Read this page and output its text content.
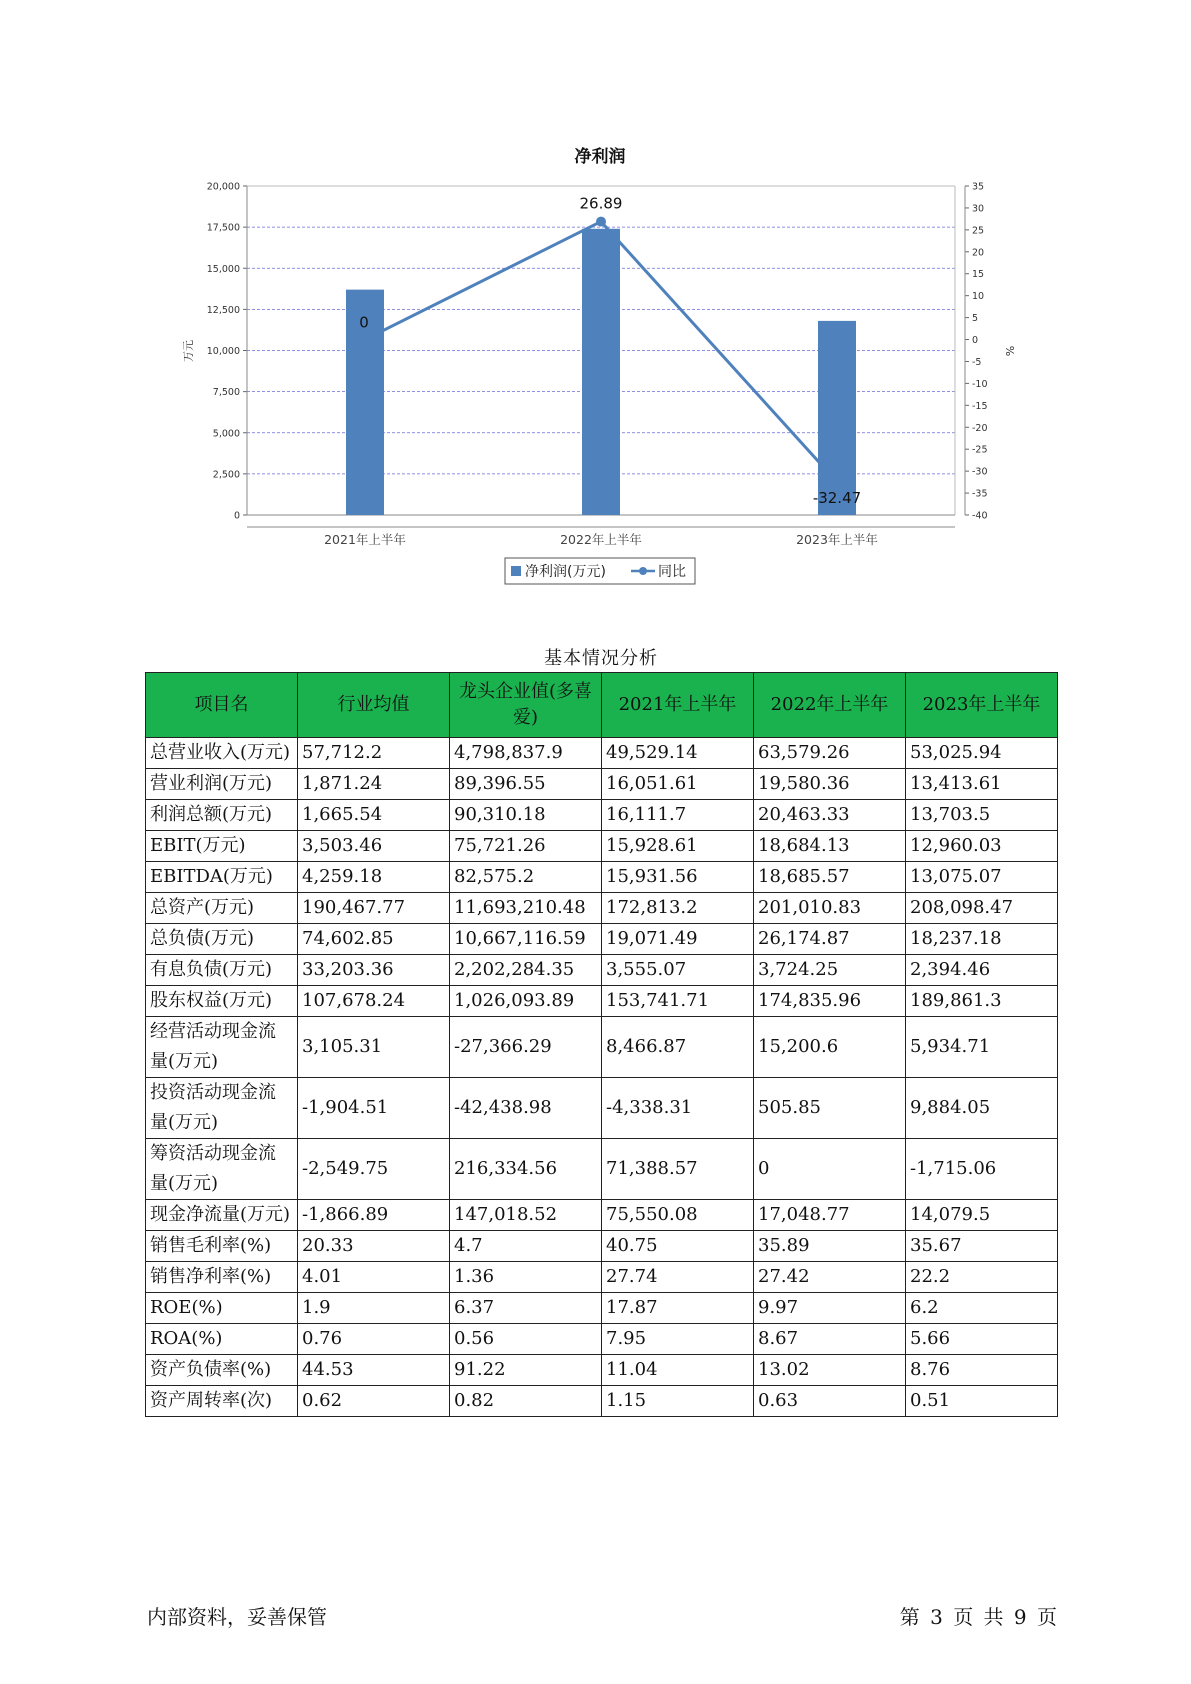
净利润
0
2,500
5,000
7,500
10,000
12,500
15,000
17,500
20,000
-40
-35
-30
-25
-20
-15
-10
-5
0
5
10
15
20
25
30
35
万元	%
2021年上半年	2022年上半年	2023年上半年
0
26.89
-32.47
净利润(万元)	同比
基本情况分析
项目名	行业均值	龙头企业值(多喜爱)	2021年上半年	2022年上半年	2023年上半年
总营业收入(万元)	57,712.2	4,798,837.9	49,529.14	63,579.26	53,025.94
营业利润(万元)	1,871.24	89,396.55	16,051.61	19,580.36	13,413.61
利润总额(万元)	1,665.54	90,310.18	16,111.7	20,463.33	13,703.5
EBIT(万元)	3,503.46	75,721.26	15,928.61	18,684.13	12,960.03
EBITDA(万元)	4,259.18	82,575.2	15,931.56	18,685.57	13,075.07
总资产(万元)	190,467.77	11,693,210.48	172,813.2	201,010.83	208,098.47
总负债(万元)	74,602.85	10,667,116.59	19,071.49	26,174.87	18,237.18
有息负债(万元)	33,203.36	2,202,284.35	3,555.07	3,724.25	2,394.46
股东权益(万元)	107,678.24	1,026,093.89	153,741.71	174,835.96	189,861.3
经营活动现金流量(万元)	3,105.31	-27,366.29	8,466.87	15,200.6	5,934.71
投资活动现金流量(万元)	-1,904.51	-42,438.98	-4,338.31	505.85	9,884.05
筹资活动现金流量(万元)	-2,549.75	216,334.56	71,388.57	0	-1,715.06
现金净流量(万元)	-1,866.89	147,018.52	75,550.08	17,048.77	14,079.5
销售毛利率(%)	20.33	4.7	40.75	35.89	35.67
销售净利率(%)	4.01	1.36	27.74	27.42	22.2
ROE(%)	1.9	6.37	17.87	9.97	6.2
ROA(%)	0.76	0.56	7.95	8.67	5.66
资产负债率(%)	44.53	91.22	11.04	13.02	8.76
资产周转率(次)	0.62	0.82	1.15	0.63	0.51
内部资料，妥善保管	第 3 页 共 9 页
